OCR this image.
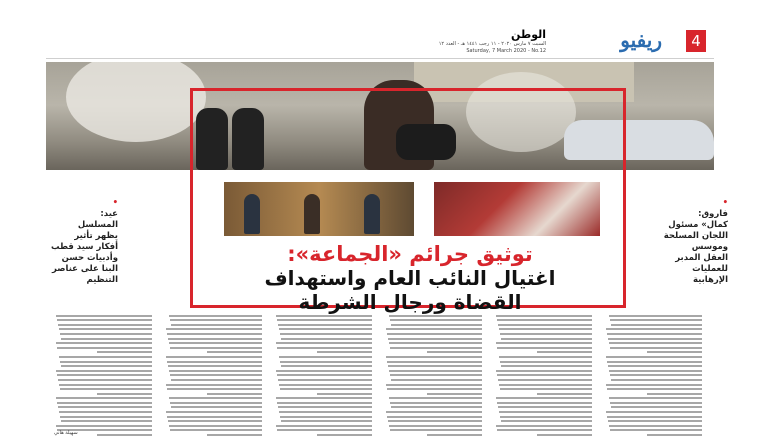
4
ريفيو
الوطن
السبت ٧ مارس ٢٠٢٠ - ١١ رجب ١٤٤١ هـ - العدد ١٢
Saturday, 7 March 2020 - No.12
توثيق جرائم «الجماعة»:
اغتيال النائب العام واستهداف
القضاة ورجال الشرطة
•
عيد:
المسلسل
يظهر تأثير
أفكار سيد قطب
وأدبيات حسن
البنا على عناصر
التنظيم
•
فاروق:
كمال» مسئول
اللجان المسلحة
وموسس
العقل المدبر
للعمليات
الإرهابية
سهيلة هاني
